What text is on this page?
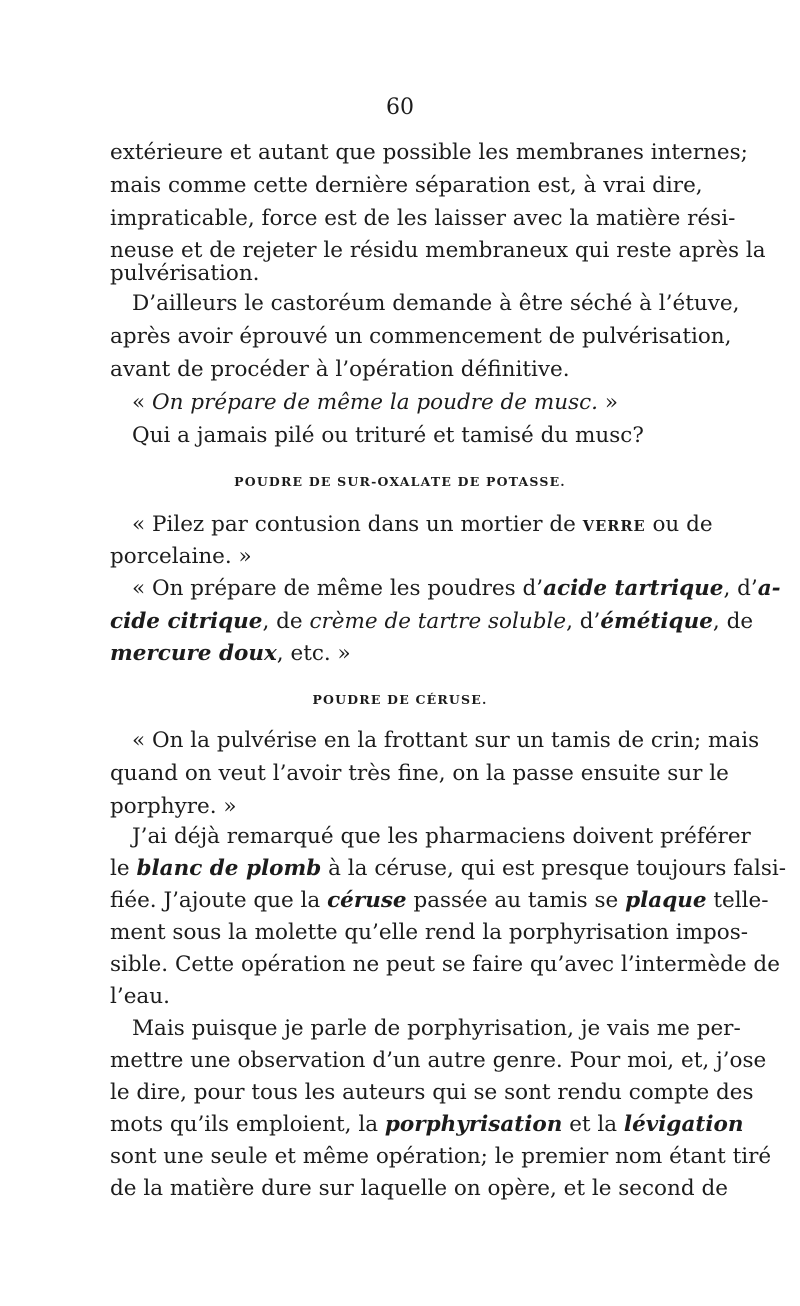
60
extérieure et autant que possible les membranes internes;
mais comme cette dernière séparation est, à vrai dire,
impraticable, force est de les laisser avec la matière rési-
neuse et de rejeter le résidu membraneux qui reste après la
pulvérisation.
D’ailleurs le castoréum demande à être séché à l’étuve,
après avoir éprouvé un commencement de pulvérisation,
avant de procéder à l’opération définitive.
« On prépare de même la poudre de musc. »
Qui a jamais pilé ou trituré et tamisé du musc?
POUDRE DE SUR-OXALATE DE POTASSE.
« Pilez par contusion dans un mortier de VERRE ou de
porcelaine. »
« On prépare de même les poudres d’acide tartrique, d’a-
cide citrique, de crème de tartre soluble, d’émétique, de
mercure doux, etc. »
POUDRE DE CÉRUSE.
« On la pulvérise en la frottant sur un tamis de crin; mais
quand on veut l’avoir très fine, on la passe ensuite sur le
porphyre. »
J’ai déjà remarqué que les pharmaciens doivent préférer
le blanc de plomb à la céruse, qui est presque toujours falsi-
fiée. J’ajoute que la céruse passée au tamis se plaque telle-
ment sous la molette qu’elle rend la porphyrisation impos-
sible. Cette opération ne peut se faire qu’avec l’intermède de
l’eau.
Mais puisque je parle de porphyrisation, je vais me per-
mettre une observation d’un autre genre. Pour moi, et, j’ose
le dire, pour tous les auteurs qui se sont rendu compte des
mots qu’ils emploient, la porphyrisation et la lévigation
sont une seule et même opération; le premier nom étant tiré
de la matière dure sur laquelle on opère, et le second de
